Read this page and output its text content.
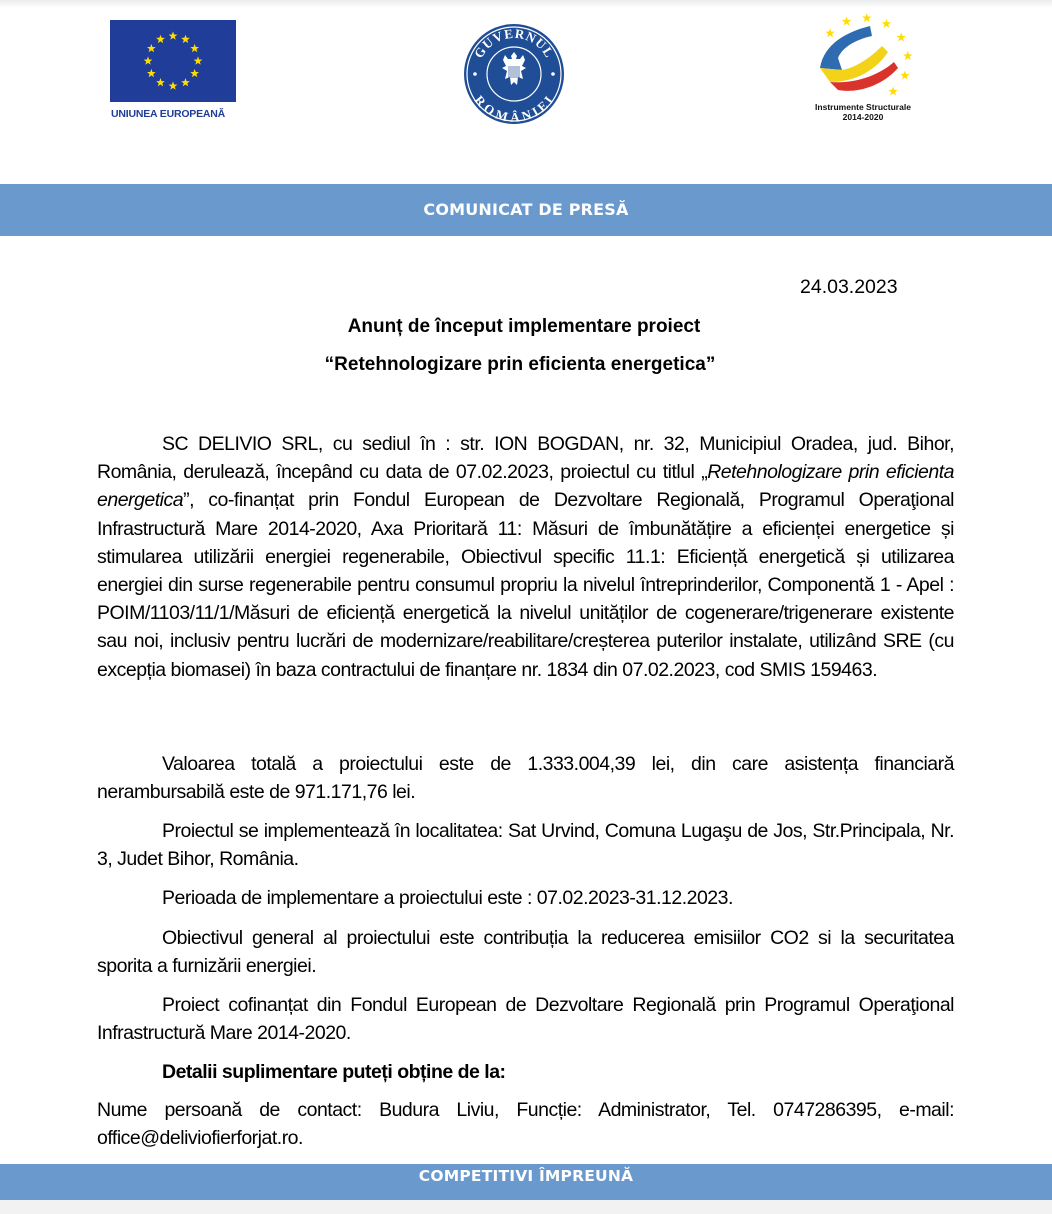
UNIUNEA EUROPEANĂ
GUVERNUL
ROMÂNIEI
Instrumente Structurale
2014-2020
COMUNICAT DE PRESĂ
24.03.2023
Anunț de început implementare proiect
“Retehnologizare prin eficienta energetica”

SC DELIVIO SRL, cu sediul în : str. ION BOGDAN, nr. 32, Municipiul Oradea, jud. Bihor, România, derulează, începând cu data de 07.02.2023, proiectul cu titlul „Retehnologizare prin eficienta energetica”, co-finanțat prin Fondul European de Dezvoltare Regională, Programul Operaţional Infrastructură Mare 2014-2020, Axa Prioritară 11: Măsuri de îmbunătățire a eficienței energetice și stimularea utilizării energiei regenerabile, Obiectivul specific 11.1: Eficiență energetică și utilizarea energiei din surse regenerabile pentru consumul propriu la nivelul întreprinderilor, Componentă 1 - Apel : POIM/1103/11/1/Măsuri de eficiență energetică la nivelul unităților de cogenerare/trigenerare existente sau noi, inclusiv pentru lucrări de modernizare/reabilitare/creșterea puterilor instalate, utilizând SRE (cu excepția biomasei) în baza contractului de finanțare nr. 1834 din 07.02.2023, cod SMIS 159463.

Valoarea totală a proiectului este de 1.333.004,39 lei, din care asistența financiară nerambursabilă este de 971.171,76 lei.

Proiectul se implementează în localitatea: Sat Urvind, Comuna Lugaşu de Jos, Str.Principala, Nr. 3, Judet Bihor, România.

Perioada de implementare a proiectului este : 07.02.2023-31.12.2023.

Obiectivul general al proiectului este contribuția la reducerea emisiilor CO2 si la securitatea sporita a furnizării energiei.

Proiect cofinanțat din Fondul European de Dezvoltare Regională prin Programul Operaţional Infrastructură Mare 2014-2020.

Detalii suplimentare puteți obține de la:

Nume persoană de contact: Budura Liviu, Funcție: Administrator, Tel. 0747286395, e-mail: office@deliviofierforjat.ro.

COMPETITIVI ÎMPREUNĂ
